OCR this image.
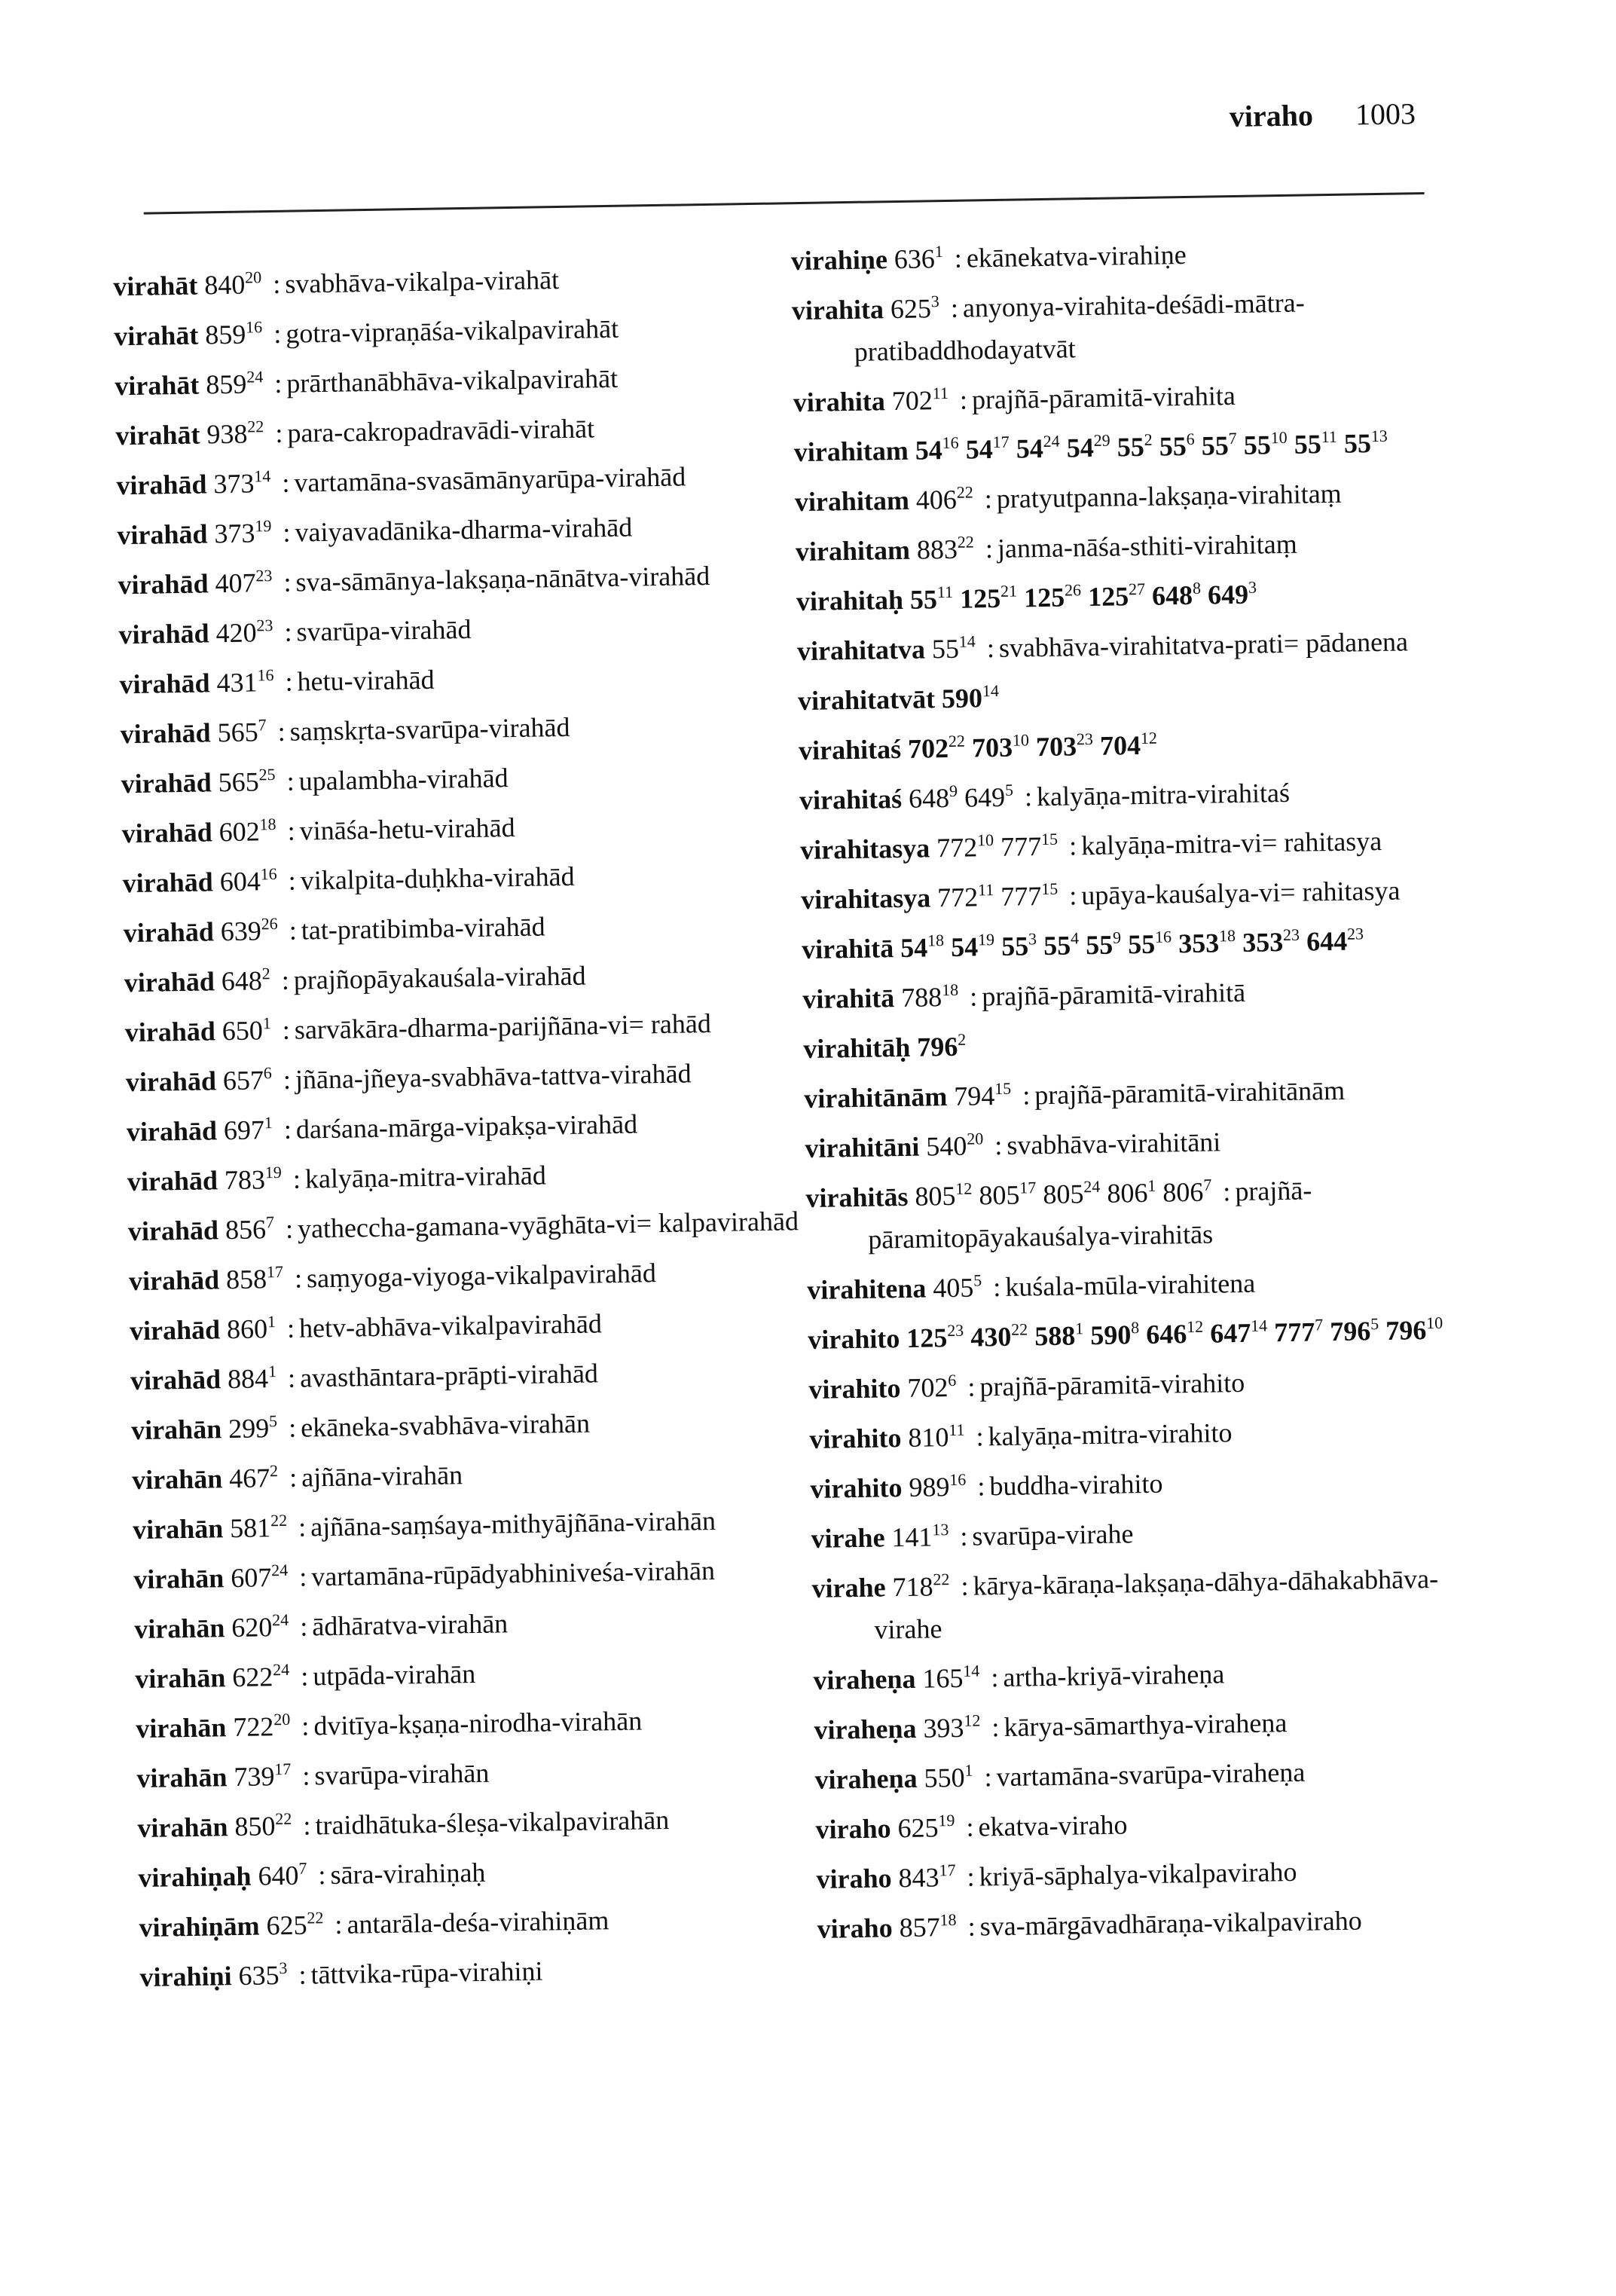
viraho 1003
virahāt $840^{20}$ : svabhāva-vikalpa-virahāt
virahāt $859^{16}$ : gotra-vipraṇāśa-vikalpavirahāt
virahāt $859^{24}$ : prārthanābhāva-vikalpavirahāt
virahāt $938^{22}$ : para-cakropadravādi-virahāt
virahād $373^{14}$ : vartamāna-svasāmānyarūpa-virahād
virahād $373^{19}$ : vaiyavadānika-dharma-virahād
virahād $407^{23}$ : sva-sāmānya-lakṣaṇa-nānātva-virahād
virahād $420^{23}$ : svarūpa-virahād
virahād $431^{16}$ : hetu-virahād
virahād $565^7$ : saṃskṛta-svarūpa-virahād
virahād $565^{25}$ : upalambha-virahād
virahād $602^{18}$ : vināśa-hetu-virahād
virahād $604^{16}$ : vikalpita-duḥkha-virahād
virahād $639^{26}$ : tat-pratibimba-virahād
virahād $648^2$ : prajñopāyakauśala-virahād
virahād $650^1$ : sarvākāra-dharma-parijñāna-vi= rahād
virahād $657^6$ : jñāna-jñeya-svabhāva-tattva-virahād
virahād $697^1$ : darśana-mārga-vipakṣa-virahād
virahād $783^{19}$ : kalyāṇa-mitra-virahād
virahād $856^7$ : yatheccha-gamana-vyāghāta-vi= kalpavirahād
virahād $858^{17}$ : saṃyoga-viyoga-vikalpavirahād
virahād $860^1$ : hetv-abhāva-vikalpavirahād
virahād $884^1$ : avasthāntara-prāpti-virahād
virahān $299^5$ : ekāneka-svabhāva-virahān
virahān $467^2$ : ajñāna-virahān
virahān $581^{22}$ : ajñāna-saṃśaya-mithyājñāna-virahān
virahān $607^{24}$ : vartamāna-rūpādyabhiniveśa-virahān
virahān $620^{24}$ : ādhāratva-virahān
virahān $622^{24}$ : utpāda-virahān
virahān $722^{20}$ : dvitīya-kṣaṇa-nirodha-virahān
virahān $739^{17}$ : svarūpa-virahān
virahān $850^{22}$ : traidhātuka-śleṣa-vikalpavirahān
virahiṇaḥ $640^7$ : sāra-virahiṇaḥ
virahiṇām $625^{22}$ : antarāla-deśa-virahiṇām
virahiṇi $635^3$ : tāttvika-rūpa-virahiṇi
virahiṇe $636^1$ : ekānekatva-virahiṇe
virahita $625^3$ : anyonya-virahita-deśādi-mātra-pratibaddhodayatvāt
virahita $702^{11}$ : prajñā-pāramitā-virahita
virahitam $54^{16}$ $54^{17}$ $54^{24}$ $54^{29}$ $55^2$ $55^6$ $55^7$ $55^{10}$ $55^{11}$ $55^{13}$
virahitam $406^{22}$ : pratyutpanna-lakṣaṇa-virahitaṃ
virahitam $883^{22}$ : janma-nāśa-sthiti-virahitaṃ
virahitaḥ $55^{11}$ $125^{21}$ $125^{26}$ $125^{27}$ $648^8$ $649^3$
virahitatva $55^{14}$ : svabhāva-virahitatva-prati= pādanena
virahitatvāt $590^{14}$
virahitaś $702^{22}$ $703^{10}$ $703^{23}$ $704^{12}$
virahitaś $648^9$ $649^5$ : kalyāṇa-mitra-virahitaś
virahitasya $772^{10}$ $777^{15}$ : kalyāṇa-mitra-vi= rahitasya
virahitasya $772^{11}$ $777^{15}$ : upāya-kauśalya-vi= rahitasya
virahitā $54^{18}$ $54^{19}$ $55^3$ $55^4$ $55^9$ $55^{16}$ $353^{18}$ $353^{23}$ $644^{23}$
virahitā $788^{18}$ : prajñā-pāramitā-virahitā
virahitāḥ $796^2$
virahitānām $794^{15}$ : prajñā-pāramitā-virahitānām
virahitāni $540^{20}$ : svabhāva-virahitāni
virahitās $805^{12}$ $805^{17}$ $805^{24}$ $806^1$ $806^7$ : prajñā-pāramitopāyakauśalya-virahitās
virahitena $405^5$ : kuśala-mūla-virahitena
virahito $125^{23}$ $430^{22}$ $588^1$ $590^8$ $646^{12}$ $647^{14}$ $777^7$ $796^5$ $796^{10}$
virahito $702^6$ : prajñā-pāramitā-virahito
virahito $810^{11}$ : kalyāṇa-mitra-virahito
virahito $989^{16}$ : buddha-virahito
virahe $141^{13}$ : svarūpa-virahe
virahe $718^{22}$ : kārya-kāraṇa-lakṣaṇa-dāhya-dāhakabhāva-virahe
viraheṇa $165^{14}$ : artha-kriyā-viraheṇa
viraheṇa $393^{12}$ : kārya-sāmarthya-viraheṇa
viraheṇa $550^1$ : vartamāna-svarūpa-viraheṇa
viraho $625^{19}$ : ekatva-viraho
viraho $843^{17}$ : kriyā-sāphalya-vikalpaviraho
viraho $857^{18}$ : sva-mārgāvadhāraṇa-vikalpaviraho
